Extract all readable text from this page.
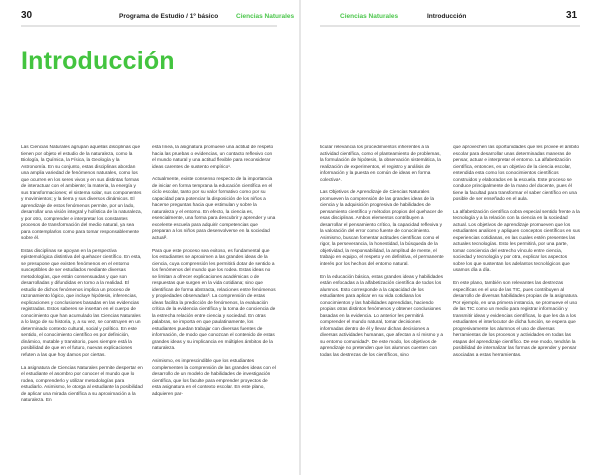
30	Programa de Estudio / 1º básico	Ciencias Naturales	Ciencias Naturales	Introducción	31
Introducción

Las Ciencias Naturales agrupan aquellas disciplinas que tienen por objeto el estudio de la naturaleza, como la Biología, la Química, la Física, la Geología y la Astronomía. En su conjunto, estas disciplinas abordan una amplia variedad de fenómenos naturales, como los que ocurren en los seres vivos y en sus distintas formas de interactuar con el ambiente; la materia, la energía y sus transformaciones; el sistema solar, sus componentes y movimientos; y la tierra y sus diversos dinámicos. El aprendizaje de estos fenómenos permite, por un lado, desarrollar una visión integral y holística de la naturaleza, y por otro, comprender e interpretar los constantes procesos de transformación del medio natural, ya sea para contemplarlos como para tomar responsablemente sobre él.

Estas disciplinas se apoyan en la perspectiva epistemológica distintiva del quehacer científico. En esta, se presupone que existen fenómenos en el entorno susceptibles de ser estudiados mediante diversas metodologías, que están consensuadas y que son desarrolladas y difundidas en torno a la realidad. El estudio de dichos fenómenos implica un proceso de razonamiento lógico, que incluye hipótesis, inferencias, explicaciones y conclusiones basadas en las evidencias registradas. Estos saberes se insertan en el cuerpo de conocimiento que han acumulado las Ciencias Naturales a lo largo de su historia, y, a su vez, se construyen en un determinado contexto cultural, social y político. En este sentido, el conocimiento científico es por definición, dinámico, mutable y transitorio, pues siempre está la posibilidad de que en el futuro, nuevas explicaciones refuten a las que hoy damos por ciertas.

La asignatura de Ciencias Naturales permite despertar en el estudiante el asombro por conocer el mundo que lo rodea, comprenderlo y utilizar metodologías para estudiarlo. Asimismo, le otorga al estudiante la posibilidad de aplicar una mirada científica a su aproximación a la naturaleza. En

esta línea, la asignatura promueve una actitud de respeto hacia las pruebas o evidencias, un contacto reflexivo con el mundo natural y una actitud flexible para reconsiderar ideas carentes de sustento empírico¹.

Actualmente, existe consenso respecto de la importancia de iniciar en forma temprana la educación científica en el ciclo escolar, tanto por su valor formativo como por su capacidad para potenciar la disposición de los niños a hacerse preguntas hacia que estimulan y sobre la naturaleza y el entorno. En efecto, la ciencia es, esencialmente, una forma para descubrir y aprender y una excelente escuela para adquirir competencias que preparan a los niños para desenvolverse en la sociedad actual².

Para que este proceso sea exitoso, es fundamental que los estudiantes se aproximen a las grandes ideas de la ciencia, cuya comprensión les permitirá dotar de sentido a los fenómenos del mundo que los rodea. Estas ideas no se limitan a ofrecer explicaciones académicas o de respuestas que surgen en la vida cotidiana; sino que identifican de forma abstracta, relaciones entre fenómenos y propiedades observadas³. La comprensión de estas ideas facilita la predicción de fenómenos, la evaluación crítica de la evidencia científica y la toma de conciencia de la estrecha relación entre ciencia y sociedad. En otras palabras, se importa en que paulatinamente, los estudiantes puedan trabajar con diversas fuentes de información, de modo que conozcan el contenido de estas grandes ideas y su implicancia en múltiples ámbitos de la naturaleza.

Asimismo, es imprescindible que los estudiantes complementen la comprensión de las grandes ideas con el desarrollo de un modelo de habilidades de investigación científica, que los faculte para emprender proyectos de esta asignatura en el contexto escolar. En este plano, adquieren par-

ticular relevancia los procedimientos inherentes a la actividad científica, como el planteamiento de problemas, la formulación de hipótesis, la observación sistemática, la realización de experimentos, el registro y análisis de información y la puesta en común de ideas en forma colectiva⁴.

Las Objetivos de Aprendizaje de Ciencias Naturales promueven la comprensión de las grandes ideas de la ciencia y la adquisición progresiva de habilidades de pensamiento científico y métodos propios del quehacer de esas disciplinas. Ambos elementos contribuyen a desarrollar el pensamiento crítico, la capacidad reflexiva y la valoración del error como fuente de conocimiento. Asimismo, buscan fomentar actitudes científicas como el rigor, la perseverancia, la honestidad, la búsqueda de la objetividad, la responsabilidad, la amplitud de mente, el trabajo en equipo, el respeto y en definitiva, el permanente interés por los hechos del entorno natural.

En la educación básica, estas grandes ideas y habilidades están enfocadas a la alfabetización científica de todos los alumnos. Esto corresponde a la capacidad de los estudiantes para aplicar en su vida cotidiana los conocimientos y las habilidades aprendidas, haciendo propias otras distintos fenómenos y obtener conclusiones basadas en la evidencia. Lo anterior les permitirá comprender el mundo natural, tomar decisiones informadas dentro de él y llevar dichas decisiones a diversas actividades humanas, que afectan a sí mismo y a su entorno comunidad⁵. De este modo, los objetivos de aprendizaje no pretenden que los alumnos cuenten con todas las destrezas de los científicos, sino

que aprovechen las oportunidades que les provee el ámbito escolar para desarrollar unas determinadas maneras de pensar, actuar e interpretar el entorno. La alfabetización científica, entonces, es un objetivo de la ciencia escolar, entendida esta como los conocimientos científicos construidos y elaborados en la escuela. Este proceso se conduce principalmente de la mano del docente, pues él tiene la facultad para transformar el saber científico en una posible de ser enseñado en el aula.

La alfabetización científica cobra especial sentido frente a la tecnología y a la relación con la ciencia en la sociedad actual. Los objetivos de aprendizaje promueven que los estudiantes analicen y apliquen conceptos científicos en sus experiencias cotidianas, en las cuales estén presentes las actuales tecnologías. Esto les permitirá, por una parte, tomar conciencia del estrecho vínculo entre ciencia, sociedad y tecnología y por otra, explicar los aspectos sobre los que sustentan los adelantos tecnológicos que usamos día a día.

En este plano, también son relevantes las destrezas específicas en el uso de las TIC, pues contribuyen al desarrollo de diversas habilidades propias de la asignatura. Por ejemplo, en una primera instancia, se promueve el uso de las TIC como un medio para registrar información y transmitir ideas y evidencias científicas, lo que les da a los estudiantes el interlocutor de dicha función, se espera que progresivamente los alumnos el uso de diversas herramientas de los procesos y actividades en todas las etapas del aprendizaje científico. De ese modo, tendrán la posibilidad de internalizar las formas de aprender y pensar asociadas a estas herramientas.
